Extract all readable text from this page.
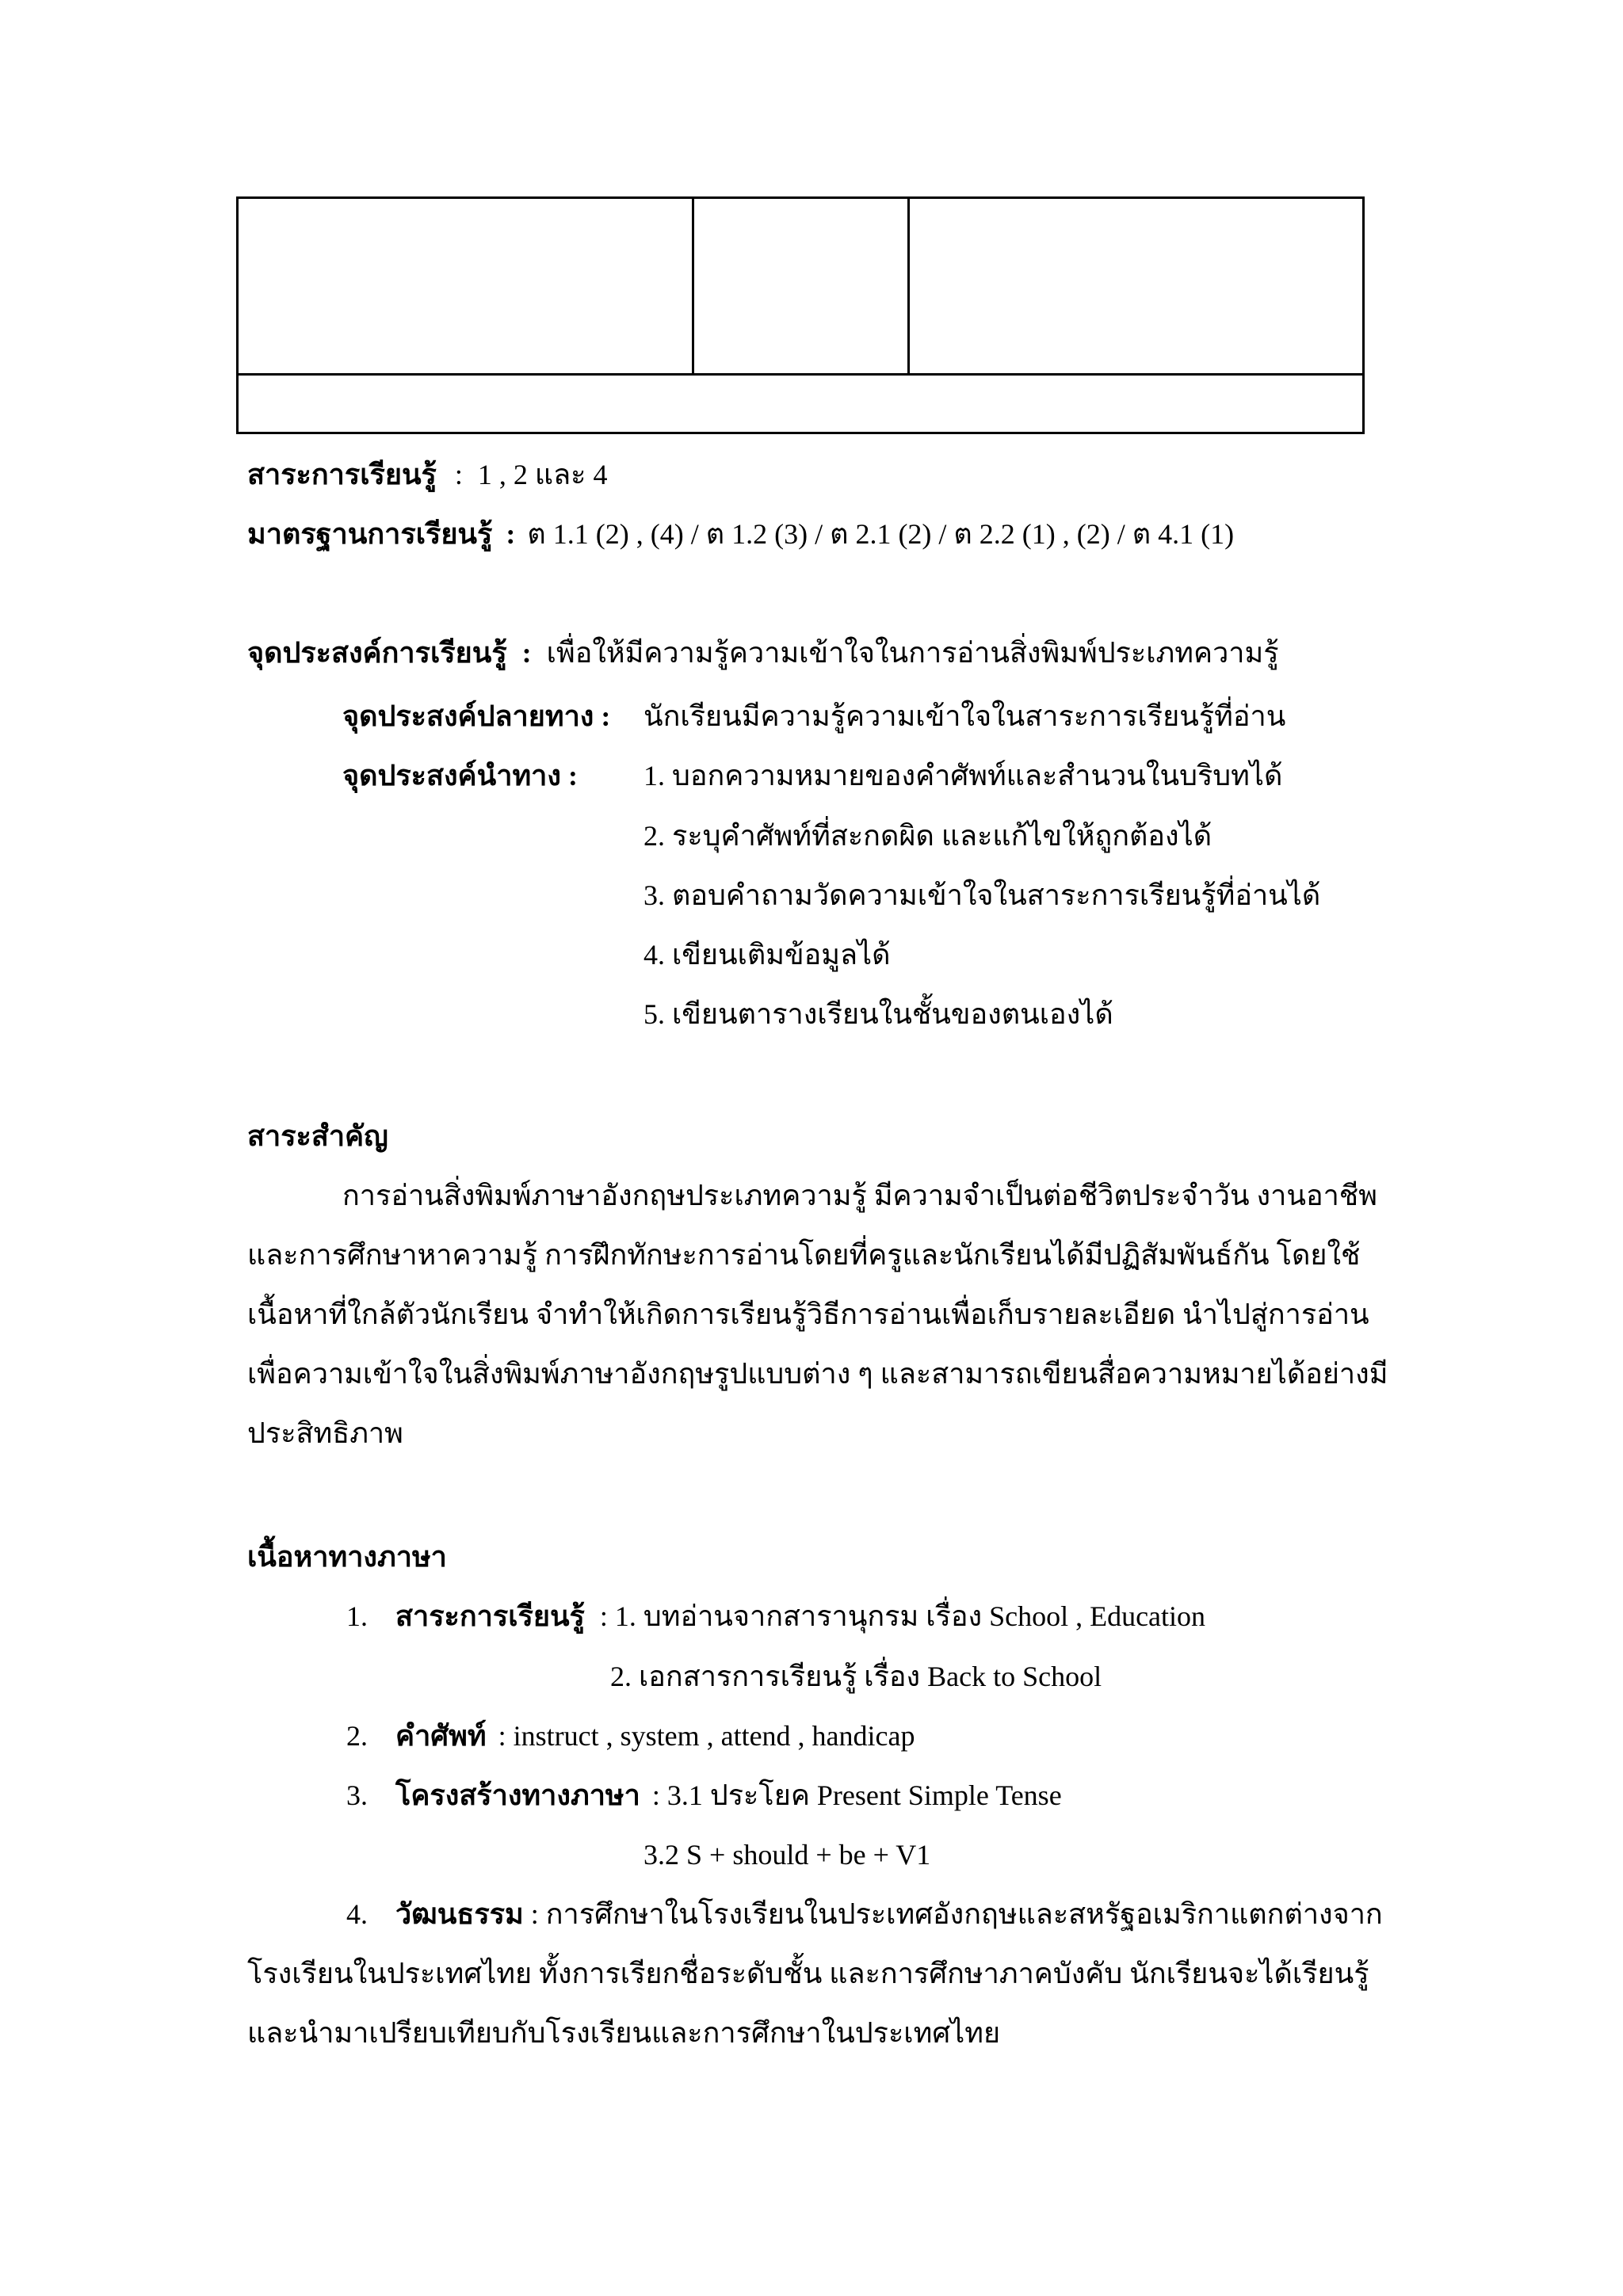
สาระการเรียนรู้ : 1 , 2 และ 4
มาตรฐานการเรียนรู้ : ต 1.1 (2) , (4) / ต 1.2 (3) / ต 2.1 (2) / ต 2.2 (1) , (2) / ต 4.1 (1)
จุดประสงค์การเรียนรู้ : เพื่อให้มีความรู้ความเข้าใจในการอ่านสิ่งพิมพ์ประเภทความรู้
จุดประสงค์ปลายทาง : นักเรียนมีความรู้ความเข้าใจในสาระการเรียนรู้ที่อ่าน
จุดประสงค์นำทาง : 1. บอกความหมายของคำศัพท์และสำนวนในบริบทได้
2. ระบุคำศัพท์ที่สะกดผิด และแก้ไขให้ถูกต้องได้
3. ตอบคำถามวัดความเข้าใจในสาระการเรียนรู้ที่อ่านได้
4. เขียนเติมข้อมูลได้
5. เขียนตารางเรียนในชั้นของตนเองได้
สาระสำคัญ
การอ่านสิ่งพิมพ์ภาษาอังกฤษประเภทความรู้ มีความจำเป็นต่อชีวิตประจำวัน งานอาชีพ
และการศึกษาหาความรู้ การฝึกทักษะการอ่านโดยที่ครูและนักเรียนได้มีปฏิสัมพันธ์กัน โดยใช้
เนื้อหาที่ใกล้ตัวนักเรียน จำทำให้เกิดการเรียนรู้วิธีการอ่านเพื่อเก็บรายละเอียด นำไปสู่การอ่าน
เพื่อความเข้าใจในสิ่งพิมพ์ภาษาอังกฤษรูปแบบต่าง ๆ และสามารถเขียนสื่อความหมายได้อย่างมี
ประสิทธิภาพ
เนื้อหาทางภาษา
1. สาระการเรียนรู้ : 1. บทอ่านจากสารานุกรม เรื่อง School , Education
2. เอกสารการเรียนรู้ เรื่อง Back to School
2. คำศัพท์ : instruct , system , attend , handicap
3. โครงสร้างทางภาษา : 3.1 ประโยค Present Simple Tense
3.2 S + should + be + V1
4. วัฒนธรรม : การศึกษาในโรงเรียนในประเทศอังกฤษและสหรัฐอเมริกาแตกต่างจาก
โรงเรียนในประเทศไทย ทั้งการเรียกชื่อระดับชั้น และการศึกษาภาคบังคับ นักเรียนจะได้เรียนรู้
และนำมาเปรียบเทียบกับโรงเรียนและการศึกษาในประเทศไทย
